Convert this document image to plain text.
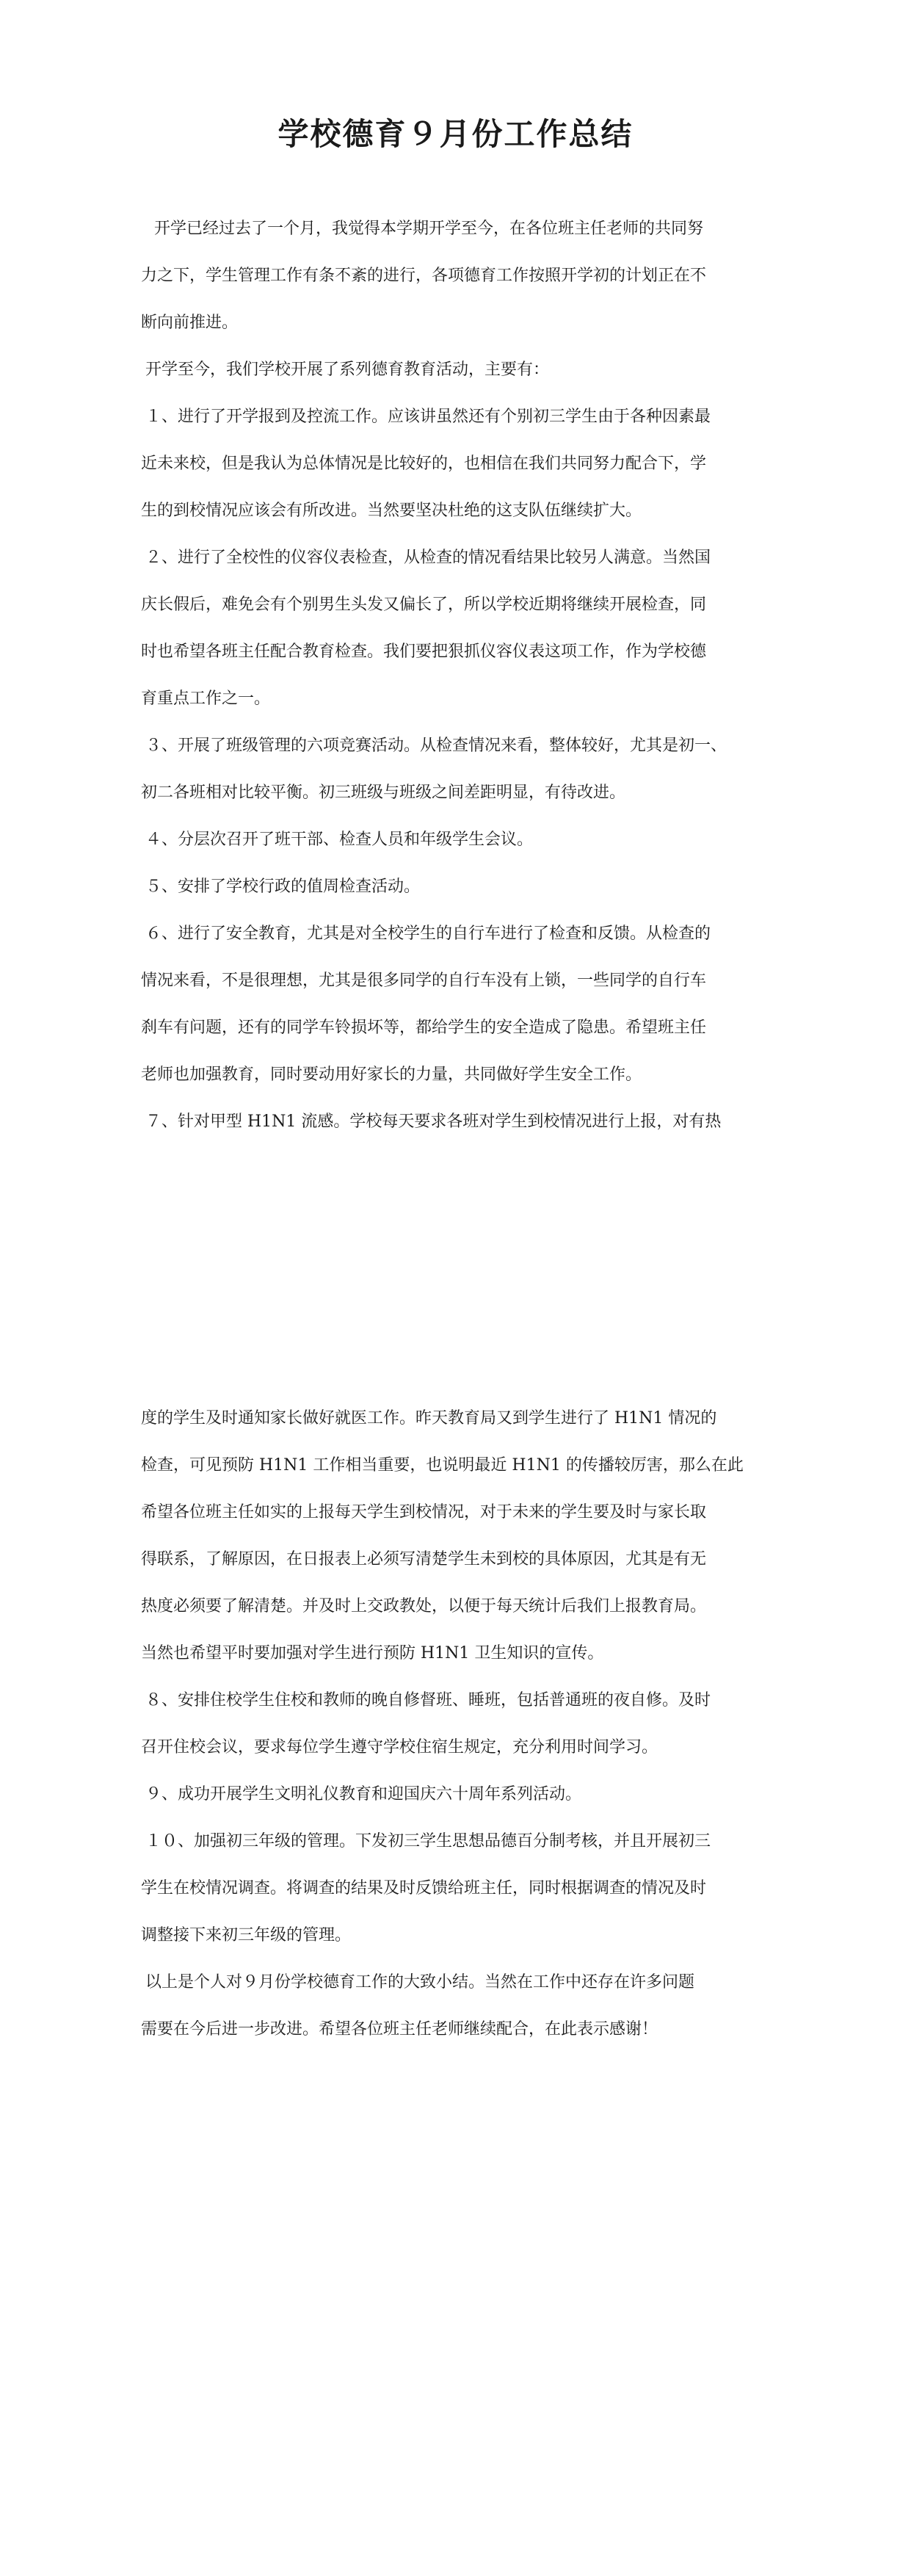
学校德育９月份工作总结
开学已经过去了一个月，我觉得本学期开学至今，在各位班主任老师的共同努
力之下，学生管理工作有条不紊的进行，各项德育工作按照开学初的计划正在不
断向前推进。
开学至今，我们学校开展了系列德育教育活动，主要有：
１、进行了开学报到及控流工作。应该讲虽然还有个别初三学生由于各种因素最
近未来校，但是我认为总体情况是比较好的，也相信在我们共同努力配合下，学
生的到校情况应该会有所改进。当然要坚决杜绝的这支队伍继续扩大。
２、进行了全校性的仪容仪表检查，从检查的情况看结果比较另人满意。当然国
庆长假后，难免会有个别男生头发又偏长了，所以学校近期将继续开展检查，同
时也希望各班主任配合教育检查。我们要把狠抓仪容仪表这项工作，作为学校德
育重点工作之一。
３、开展了班级管理的六项竞赛活动。从检查情况来看，整体较好，尤其是初一、
初二各班相对比较平衡。初三班级与班级之间差距明显，有待改进。
４、分层次召开了班干部、检查人员和年级学生会议。
５、安排了学校行政的值周检查活动。
６、进行了安全教育，尤其是对全校学生的自行车进行了检查和反馈。从检查的
情况来看，不是很理想，尤其是很多同学的自行车没有上锁，一些同学的自行车
刹车有问题，还有的同学车铃损坏等，都给学生的安全造成了隐患。希望班主任
老师也加强教育，同时要动用好家长的力量，共同做好学生安全工作。
７、针对甲型 H1N1 流感。学校每天要求各班对学生到校情况进行上报，对有热
度的学生及时通知家长做好就医工作。昨天教育局又到学生进行了 H1N1 情况的
检查，可见预防 H1N1 工作相当重要，也说明最近 H1N1 的传播较厉害，那么在此
希望各位班主任如实的上报每天学生到校情况，对于未来的学生要及时与家长取
得联系，了解原因，在日报表上必须写清楚学生未到校的具体原因，尤其是有无
热度必须要了解清楚。并及时上交政教处，以便于每天统计后我们上报教育局。
当然也希望平时要加强对学生进行预防 H1N1 卫生知识的宣传。
８、安排住校学生住校和教师的晚自修督班、睡班，包括普通班的夜自修。及时
召开住校会议，要求每位学生遵守学校住宿生规定，充分利用时间学习。
９、成功开展学生文明礼仪教育和迎国庆六十周年系列活动。
１０、加强初三年级的管理。下发初三学生思想品德百分制考核，并且开展初三
学生在校情况调查。将调查的结果及时反馈给班主任，同时根据调查的情况及时
调整接下来初三年级的管理。
以上是个人对９月份学校德育工作的大致小结。当然在工作中还存在许多问题
需要在今后进一步改进。希望各位班主任老师继续配合，在此表示感谢！
